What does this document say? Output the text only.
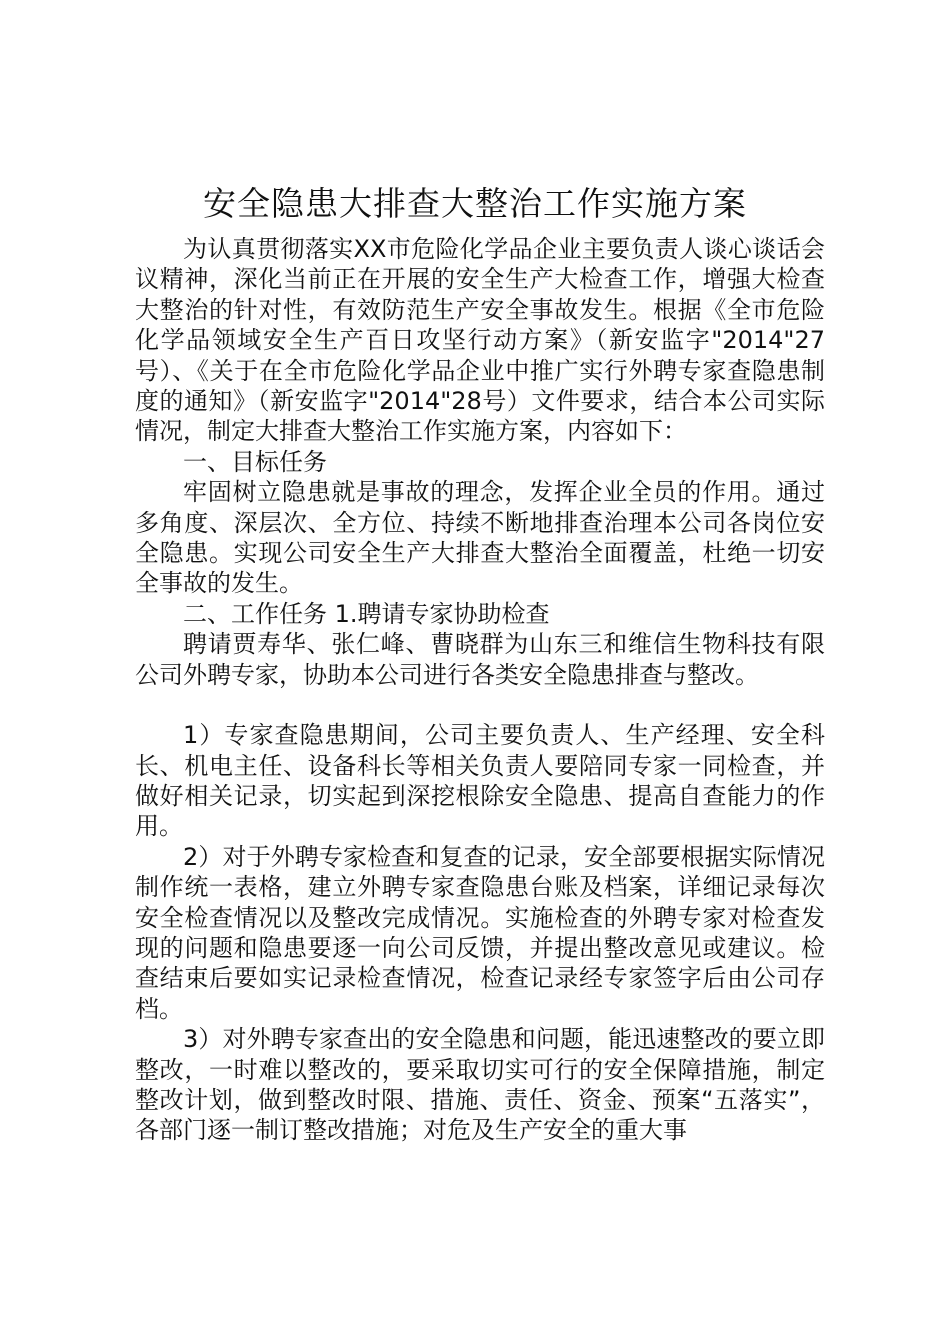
安全隐患大排查大整治工作实施方案

为认真贯彻落实XX市危险化学品企业主要负责人谈心谈话会议精神，深化当前正在开展的安全生产大检查工作，增强大检查大整治的针对性，有效防范生产安全事故发生。根据《全市危险化学品领域安全生产百日攻坚行动方案》（新安监字"2014"27号）、《关于在全市危险化学品企业中推广实行外聘专家查隐患制度的通知》（新安监字"2014"28号）文件要求，结合本公司实际情况，制定大排查大整治工作实施方案，内容如下：

一、目标任务

牢固树立隐患就是事故的理念，发挥企业全员的作用。通过多角度、深层次、全方位、持续不断地排查治理本公司各岗位安全隐患。实现公司安全生产大排查大整治全面覆盖，杜绝一切安全事故的发生。

二、工作任务 1.聘请专家协助检查

聘请贾寿华、张仁峰、曹晓群为山东三和维信生物科技有限公司外聘专家，协助本公司进行各类安全隐患排查与整改。

1）专家查隐患期间，公司主要负责人、生产经理、安全科长、机电主任、设备科长等相关负责人要陪同专家一同检查，并做好相关记录，切实起到深挖根除安全隐患、提高自查能力的作用。

2）对于外聘专家检查和复查的记录，安全部要根据实际情况制作统一表格，建立外聘专家查隐患台账及档案，详细记录每次安全检查情况以及整改完成情况。实施检查的外聘专家对检查发现的问题和隐患要逐一向公司反馈，并提出整改意见或建议。检查结束后要如实记录检查情况，检查记录经专家签字后由公司存档。

3）对外聘专家查出的安全隐患和问题，能迅速整改的要立即整改，一时难以整改的，要采取切实可行的安全保障措施，制定整改计划，做到整改时限、措施、责任、资金、预案“五落实”，各部门逐一制订整改措施；对危及生产安全的重大事
